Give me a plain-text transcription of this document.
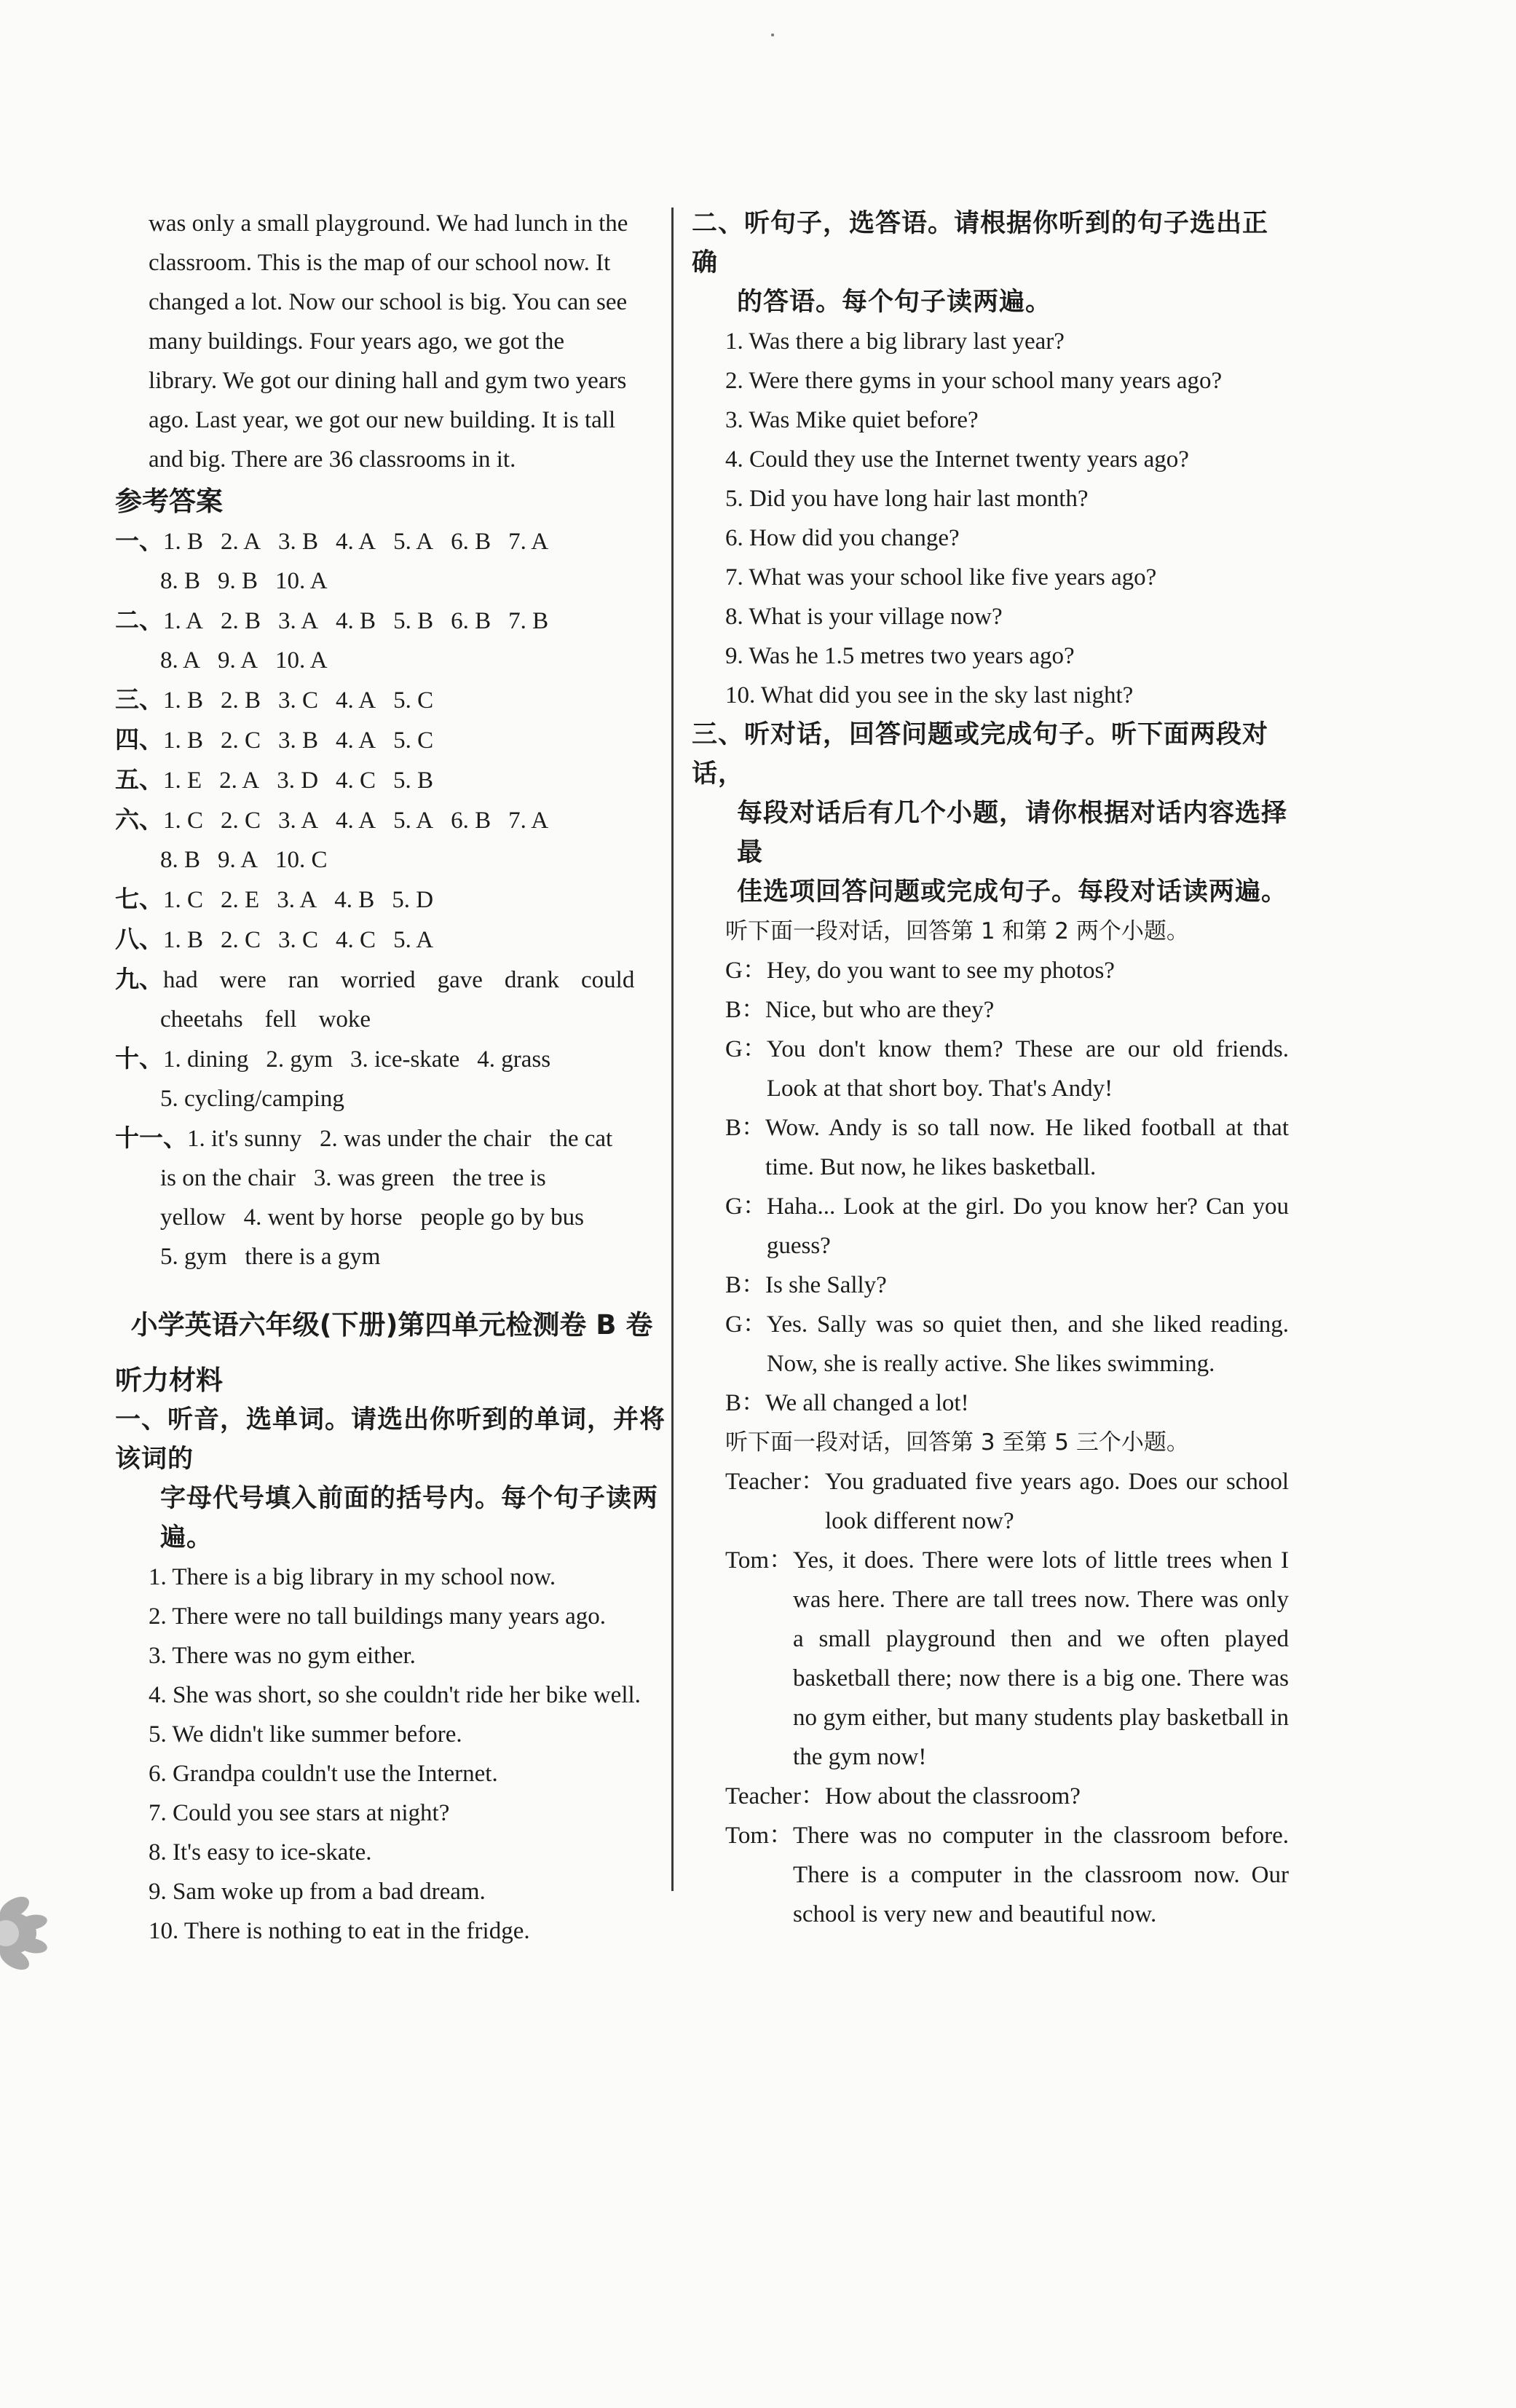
was only a small playground. We had lunch in the

classroom. This is the map of our school now. It

changed a lot. Now our school is big. You can see

many buildings. Four years ago, we got the

library. We got our dining hall and gym two years

ago. Last year, we got our new building. It is tall

and big. There are 36 classrooms in it.

参考答案

一、1. B 2. A 3. B 4. A 5. A 6. B 7. A
8. B 9. B 10. A
二、1. A 2. B 3. A 4. B 5. B 6. B 7. B
8. A 9. A 10. A
三、1. B 2. B 3. C 4. A 5. C
四、1. B 2. C 3. B 4. A 5. C
五、1. E 2. A 3. D 4. C 5. B
六、1. C 2. C 3. A 4. A 5. A 6. B 7. A
8. B 9. A 10. C
七、1. C 2. E 3. A 4. B 5. D
八、1. B 2. C 3. C 4. C 5. A
九、had were ran worried gave drank could
cheetahs fell woke
十、1. dining 2. gym 3. ice-skate 4. grass
5. cycling/camping
十一、1. it's sunny   2. was under the chair   the cat
is on the chair   3. was green   the tree is
yellow   4. went by horse   people go by bus
5. gym   there is a gym

小学英语六年级(下册)第四单元检测卷 B 卷

听力材料

一、听音，选单词。请选出你听到的单词，并将该词的

字母代号填入前面的括号内。每个句子读两遍。

1. There is a big library in my school now.

2. There were no tall buildings many years ago.

3. There was no gym either.

4. She was short, so she couldn't ride her bike well.

5. We didn't like summer before.

6. Grandpa couldn't use the Internet.

7. Could you see stars at night?

8. It's easy to ice-skate.

9. Sam woke up from a bad dream.

10. There is nothing to eat in the fridge.

二、听句子，选答语。请根据你听到的句子选出正确

的答语。每个句子读两遍。

1. Was there a big library last year?

2. Were there gyms in your school many years ago?

3. Was Mike quiet before?

4. Could they use the Internet twenty years ago?

5. Did you have long hair last month?

6. How did you change?

7. What was your school like five years ago?

8. What is your village now?

9. Was he 1.5 metres two years ago?

10. What did you see in the sky last night?

三、听对话，回答问题或完成句子。听下面两段对话，

每段对话后有几个小题，请你根据对话内容选择最

佳选项回答问题或完成句子。每段对话读两遍。

听下面一段对话，回答第 1 和第 2 两个小题。

G： Hey, do you want to see my photos?
B： Nice, but who are they?
G： You don't know them? These are our old friends. Look at that short boy. That's Andy!
B： Wow. Andy is so tall now. He liked football at that time. But now, he likes basketball.
G： Haha... Look at the girl. Do you know her? Can you guess?
B： Is she Sally?
G： Yes. Sally was so quiet then, and she liked reading. Now, she is really active. She likes swimming.
B： We all changed a lot!

听下面一段对话，回答第 3 至第 5 三个小题。

Teacher： You graduated five years ago. Does our school look different now?
Tom： Yes, it does. There were lots of little trees when I was here. There are tall trees now. There was only a small playground then and we often played basketball there; now there is a big one. There was no gym either, but many students play basketball in the gym now!
Teacher： How about the classroom?
Tom： There was no computer in the classroom before. There is a computer in the classroom now. Our school is very new and beautiful now.
